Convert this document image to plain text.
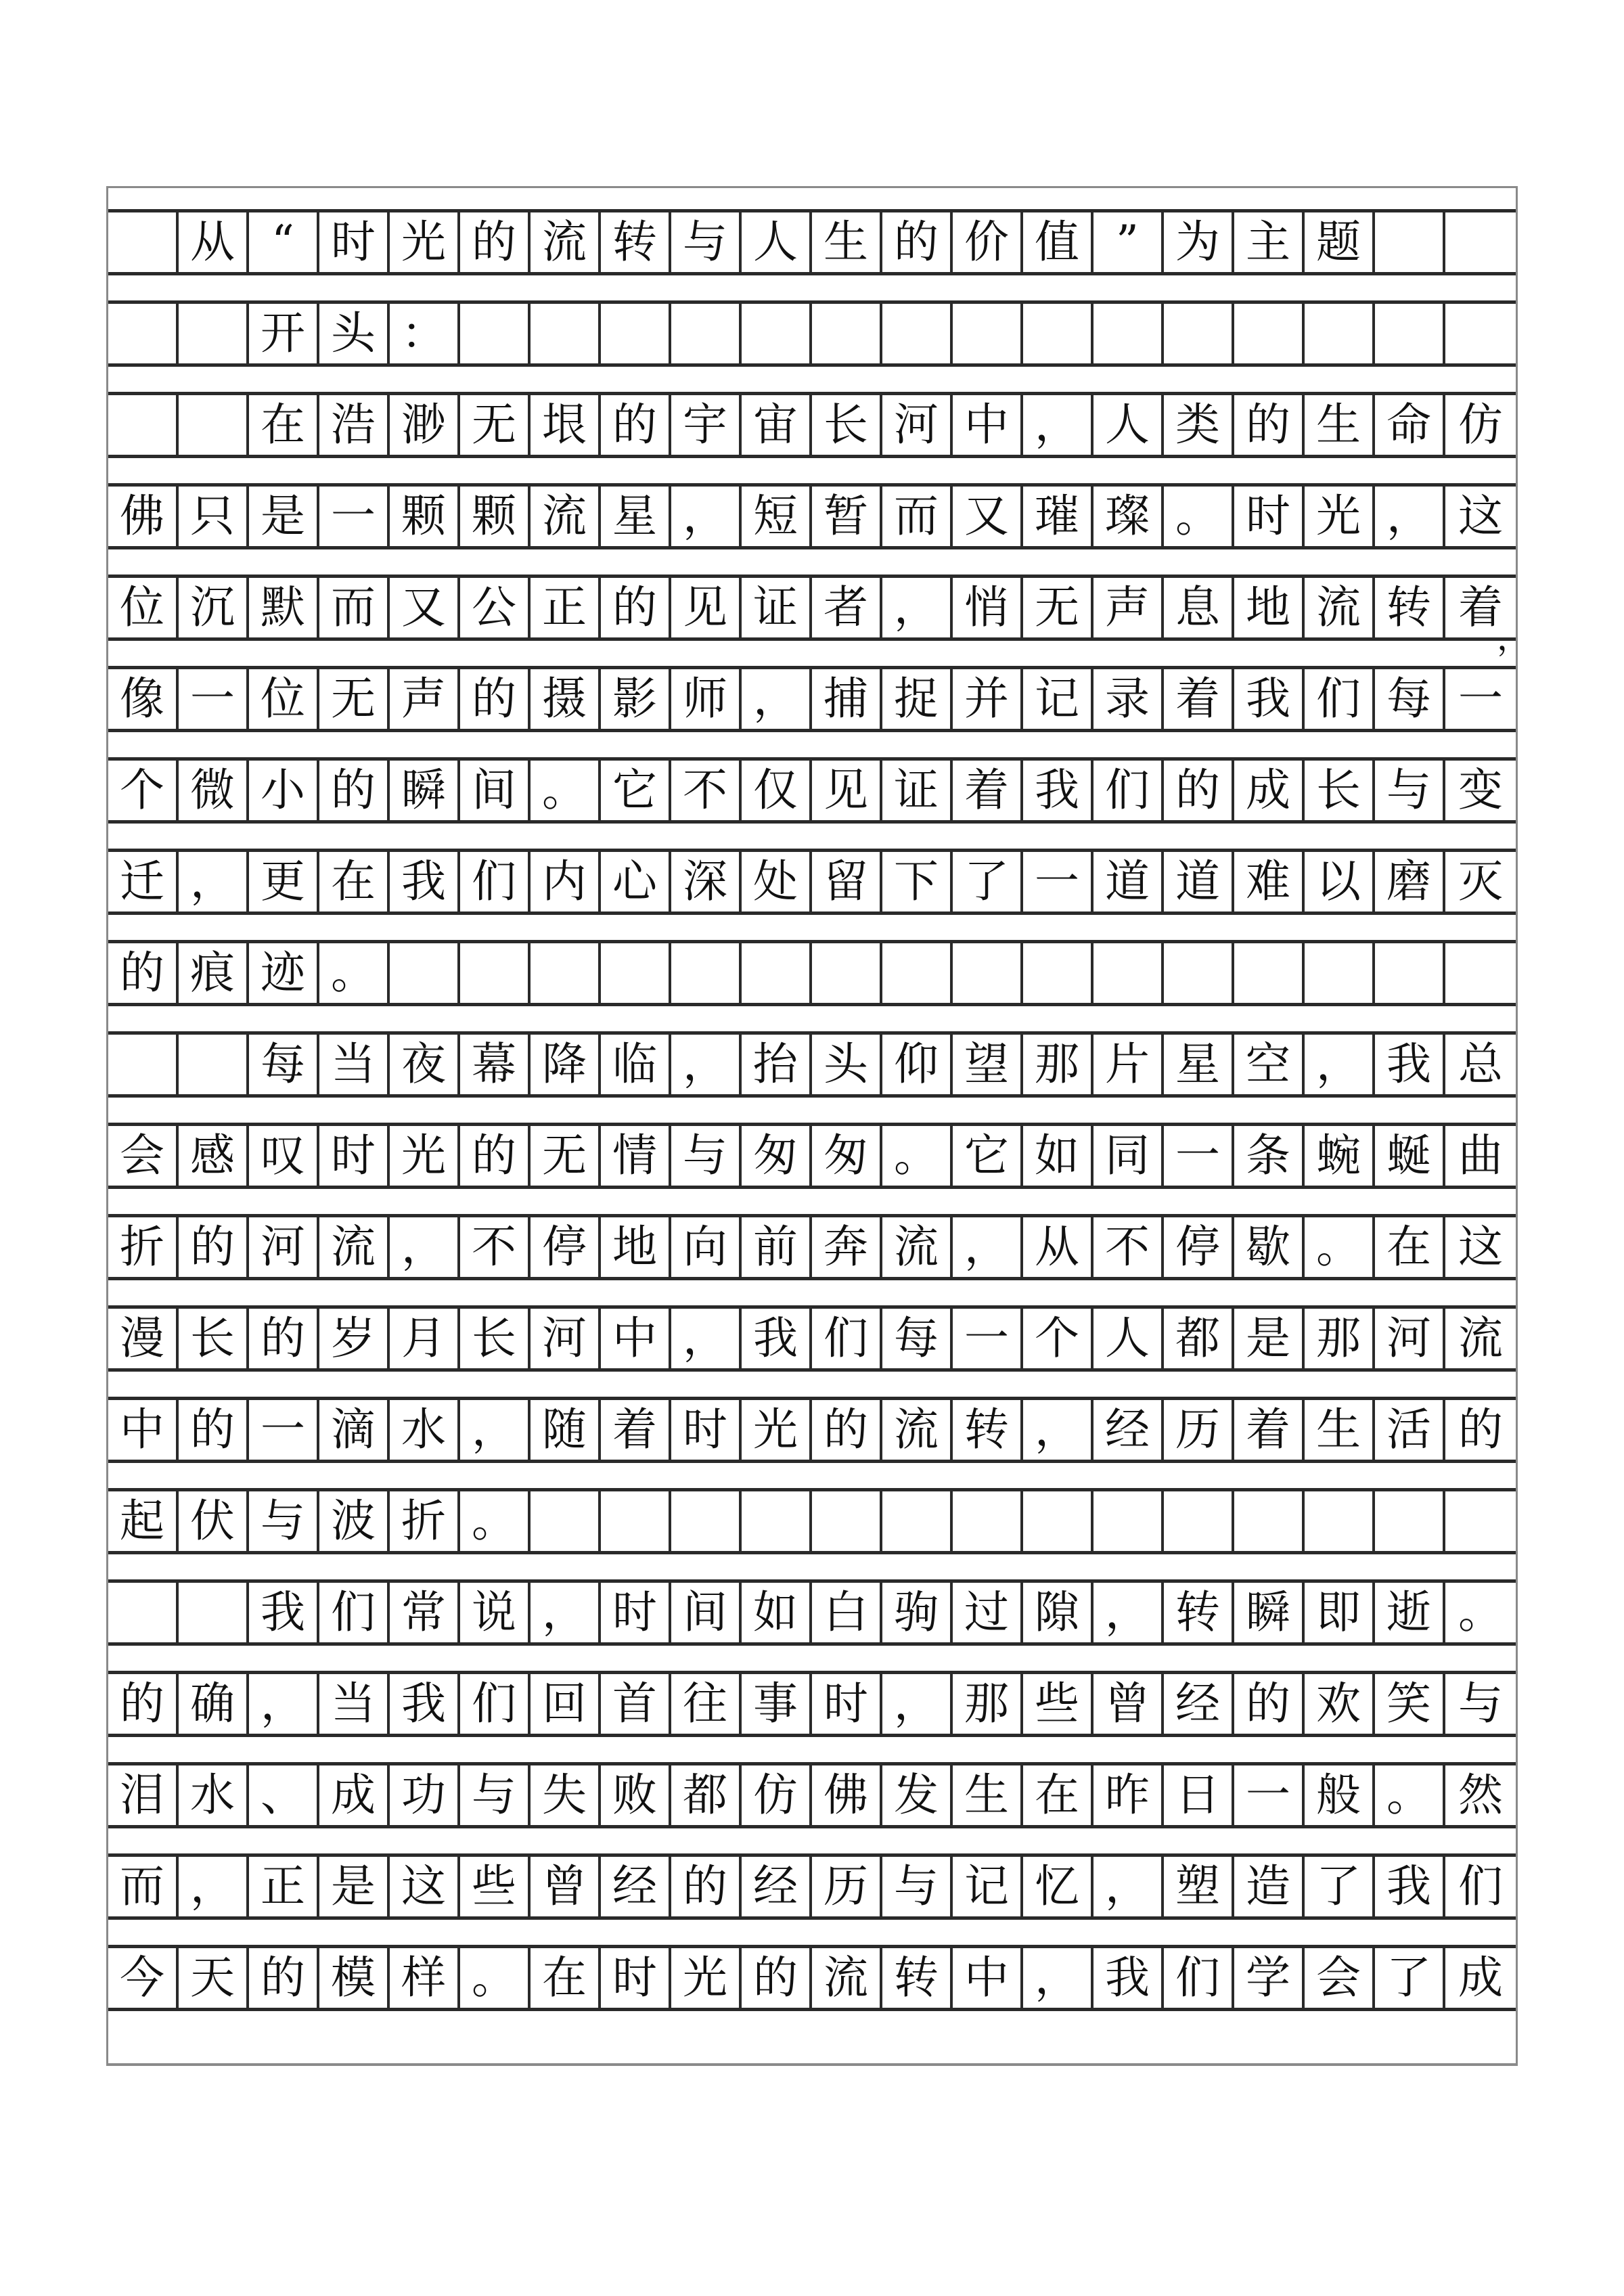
从 “ 时 光 的 流 转 与 人 生 的 价 值 ” 为 主 题
开 头 ：
在 浩 渺 无 垠 的 宇 宙 长 河 中 ， 人 类 的 生 命 仿
佛 只 是 一 颗 颗 流 星 ， 短 暂 而 又 璀 璨 。 时 光 ， 这
位 沉 默 而 又 公 正 的 见 证 者 ， 悄 无 声 息 地 流 转 着
，
像 一 位 无 声 的 摄 影 师 ， 捕 捉 并 记 录 着 我 们 每 一
个 微 小 的 瞬 间 。 它 不 仅 见 证 着 我 们 的 成 长 与 变
迁 ， 更 在 我 们 内 心 深 处 留 下 了 一 道 道 难 以 磨 灭
的 痕 迹 。
每 当 夜 幕 降 临 ， 抬 头 仰 望 那 片 星 空 ， 我 总
会 感 叹 时 光 的 无 情 与 匆 匆 。 它 如 同 一 条 蜿 蜒 曲
折 的 河 流 ， 不 停 地 向 前 奔 流 ， 从 不 停 歇 。 在 这
漫 长 的 岁 月 长 河 中 ， 我 们 每 一 个 人 都 是 那 河 流
中 的 一 滴 水 ， 随 着 时 光 的 流 转 ， 经 历 着 生 活 的
起 伏 与 波 折 。
我 们 常 说 ， 时 间 如 白 驹 过 隙 ， 转 瞬 即 逝 。
的 确 ， 当 我 们 回 首 往 事 时 ， 那 些 曾 经 的 欢 笑 与
泪 水 、 成 功 与 失 败 都 仿 佛 发 生 在 昨 日 一 般 。 然
而 ， 正 是 这 些 曾 经 的 经 历 与 记 忆 ， 塑 造 了 我 们
今 天 的 模 样 。 在 时 光 的 流 转 中 ， 我 们 学 会 了 成
